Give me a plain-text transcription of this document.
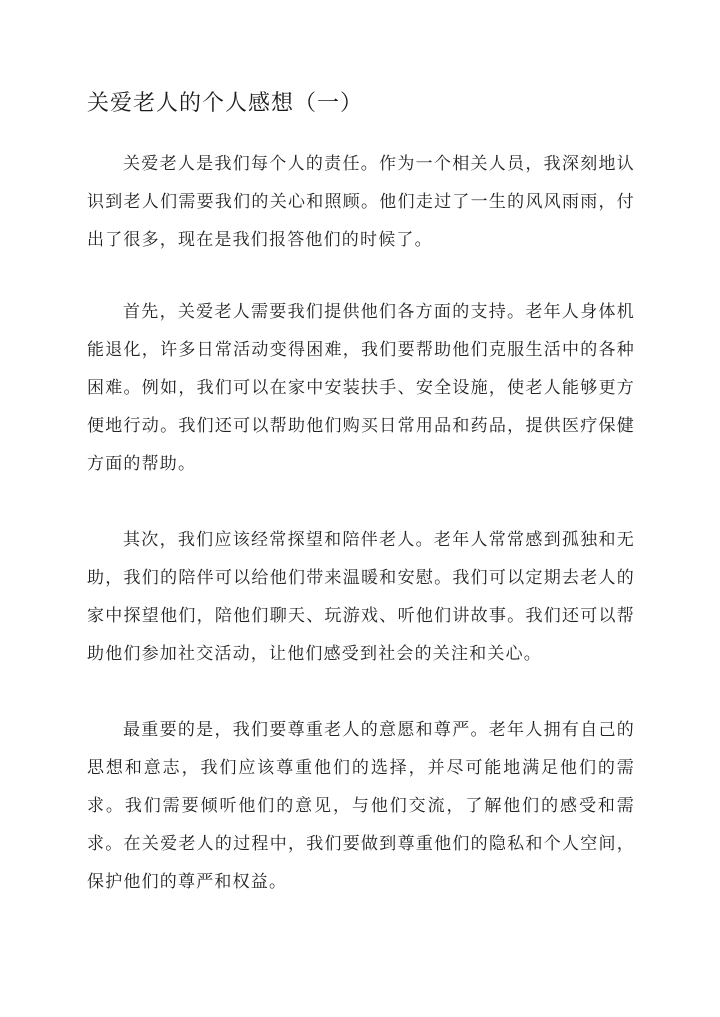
关爱老人的个人感想（一）

关爱老人是我们每个人的责任。作为一个相关人员，我深刻地认识到老人们需要我们的关心和照顾。他们走过了一生的风风雨雨，付出了很多，现在是我们报答他们的时候了。

首先，关爱老人需要我们提供他们各方面的支持。老年人身体机能退化，许多日常活动变得困难，我们要帮助他们克服生活中的各种困难。例如，我们可以在家中安装扶手、安全设施，使老人能够更方便地行动。我们还可以帮助他们购买日常用品和药品，提供医疗保健方面的帮助。

其次，我们应该经常探望和陪伴老人。老年人常常感到孤独和无助，我们的陪伴可以给他们带来温暖和安慰。我们可以定期去老人的家中探望他们，陪他们聊天、玩游戏、听他们讲故事。我们还可以帮助他们参加社交活动，让他们感受到社会的关注和关心。

最重要的是，我们要尊重老人的意愿和尊严。老年人拥有自己的思想和意志，我们应该尊重他们的选择，并尽可能地满足他们的需求。我们需要倾听他们的意见，与他们交流，了解他们的感受和需求。在关爱老人的过程中，我们要做到尊重他们的隐私和个人空间，保护他们的尊严和权益。
